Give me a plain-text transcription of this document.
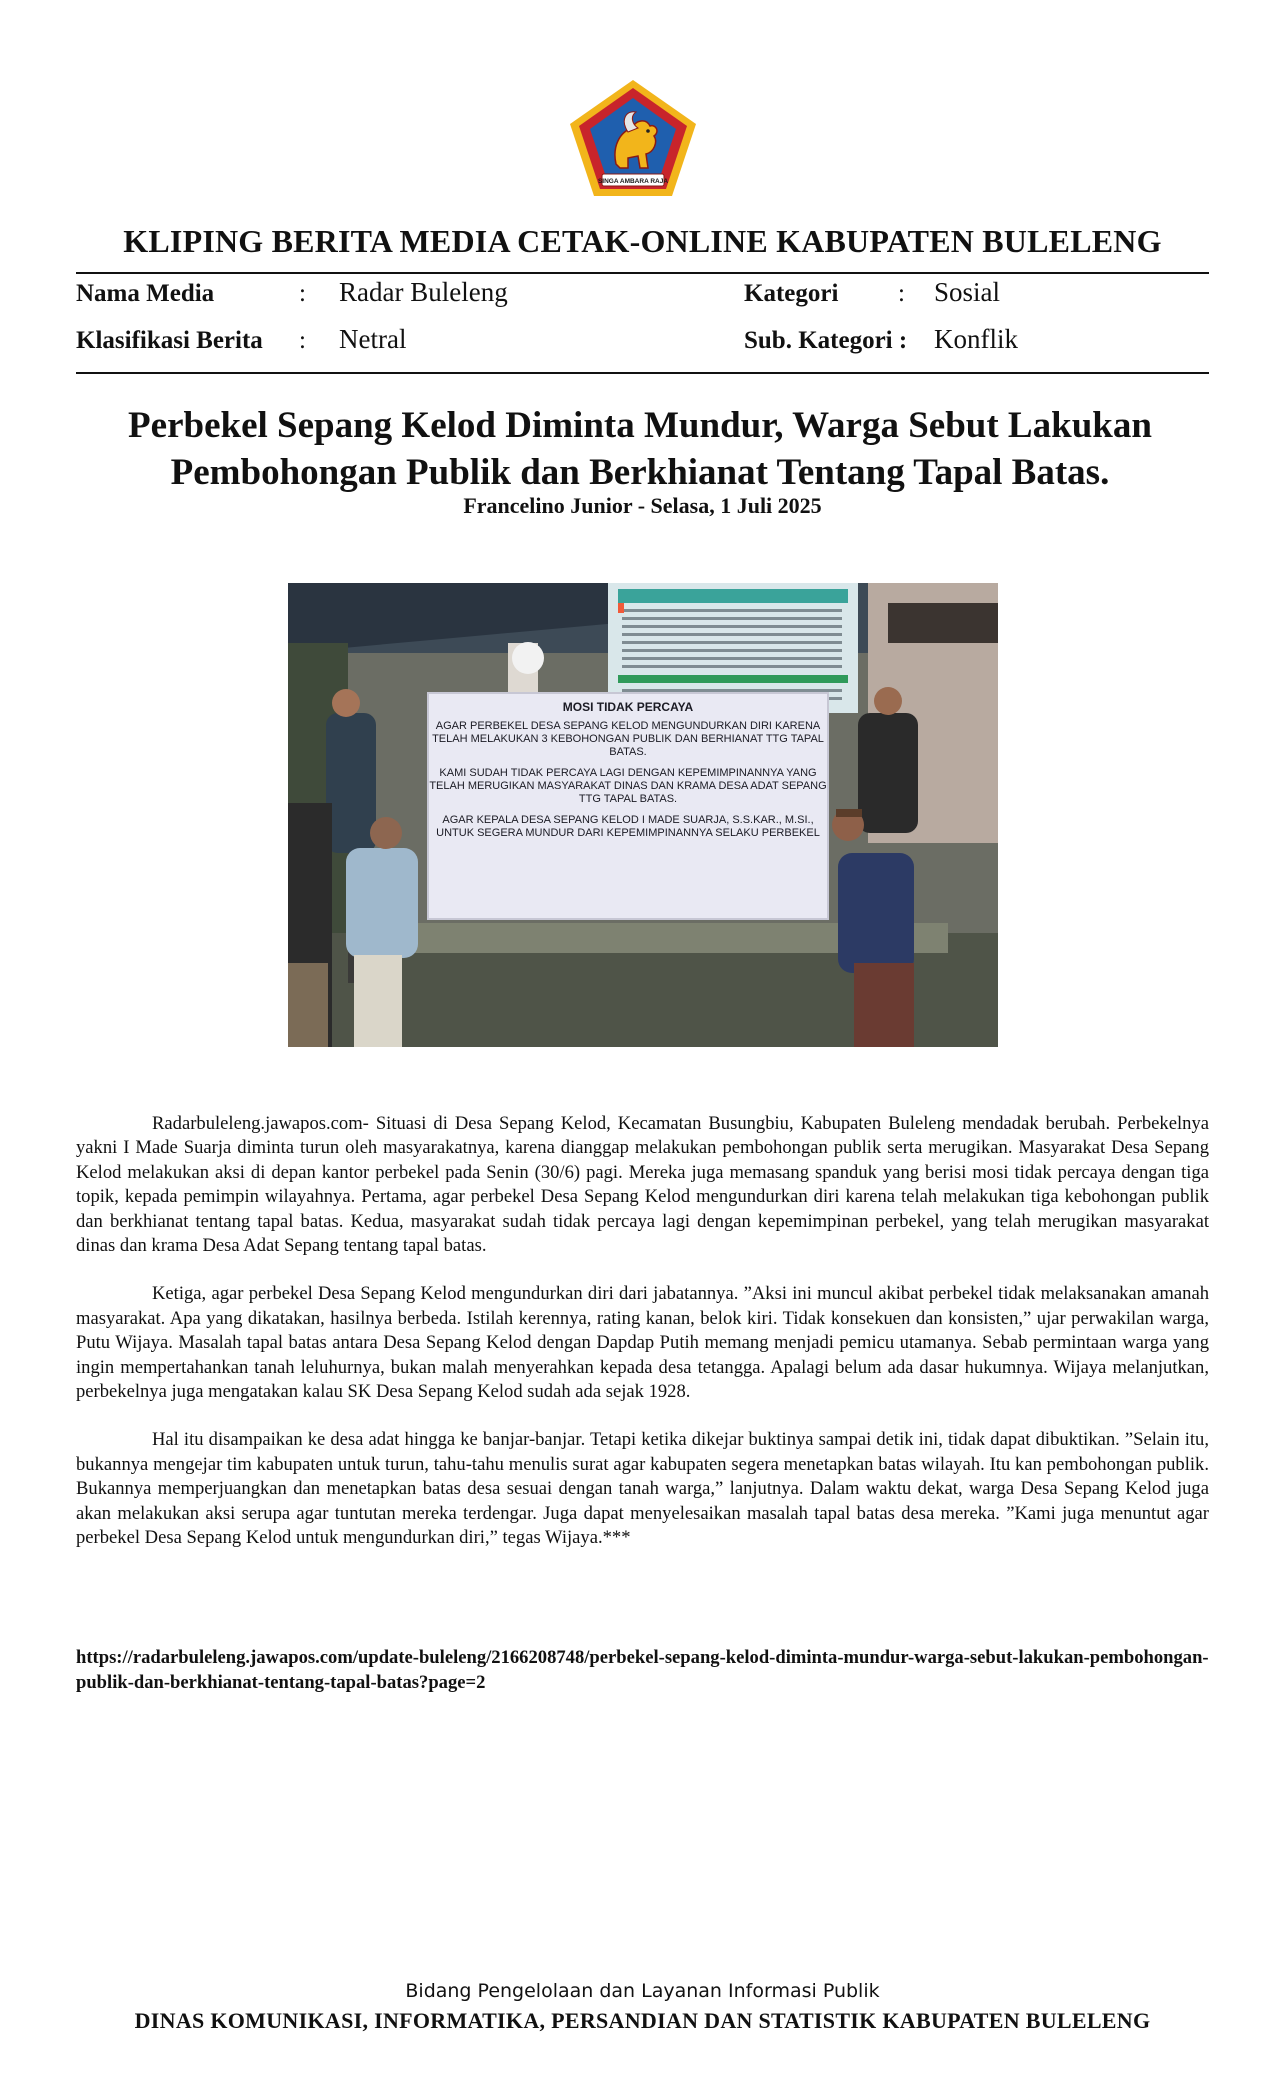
SINGA AMBARA RAJA
KLIPING BERITA MEDIA CETAK-ONLINE KABUPATEN BULELENG
Nama Media	: Radar Buleleng	Kategori : Sosial
Klasifikasi Berita : Netral	Sub. Kategori : Konflik
Perbekel Sepang Kelod Diminta Mundur, Warga Sebut Lakukan Pembohongan Publik dan Berkhianat Tentang Tapal Batas.
Francelino Junior - Selasa, 1 Juli 2025
MOSI TIDAK PERCAYA
AGAR PERBEKEL DESA SEPANG KELOD MENGUNDURKAN DIRI KARENA TELAH MELAKUKAN 3 KEBOHONGAN PUBLIK DAN BERHIANAT TTG TAPAL BATAS.
KAMI SUDAH TIDAK PERCAYA LAGI DENGAN KEPEMIMPINANNYA YANG TELAH MERUGIKAN MASYARAKAT DINAS DAN KRAMA DESA ADAT SEPANG TTG TAPAL BATAS.
AGAR KEPALA DESA SEPANG KELOD I MADE SUARJA, S.S.KAR., M.SI., UNTUK SEGERA MUNDUR DARI KEPEMIMPINANNYA SELAKU PERBEKEL

Radarbuleleng.jawapos.com- Situasi di Desa Sepang Kelod, Kecamatan Busungbiu, Kabupaten Buleleng mendadak berubah. Perbekelnya yakni I Made Suarja diminta turun oleh masyarakatnya, karena dianggap melakukan pembohongan publik serta merugikan. Masyarakat Desa Sepang Kelod melakukan aksi di depan kantor perbekel pada Senin (30/6) pagi. Mereka juga memasang spanduk yang berisi mosi tidak percaya dengan tiga topik, kepada pemimpin wilayahnya. Pertama, agar perbekel Desa Sepang Kelod mengundurkan diri karena telah melakukan tiga kebohongan publik dan berkhianat tentang tapal batas. Kedua, masyarakat sudah tidak percaya lagi dengan kepemimpinan perbekel, yang telah merugikan masyarakat dinas dan krama Desa Adat Sepang tentang tapal batas.

Ketiga, agar perbekel Desa Sepang Kelod mengundurkan diri dari jabatannya. ”Aksi ini muncul akibat perbekel tidak melaksanakan amanah masyarakat. Apa yang dikatakan, hasilnya berbeda. Istilah kerennya, rating kanan, belok kiri. Tidak konsekuen dan konsisten,” ujar perwakilan warga, Putu Wijaya. Masalah tapal batas antara Desa Sepang Kelod dengan Dapdap Putih memang menjadi pemicu utamanya. Sebab permintaan warga yang ingin mempertahankan tanah leluhurnya, bukan malah menyerahkan kepada desa tetangga. Apalagi belum ada dasar hukumnya. Wijaya melanjutkan, perbekelnya juga mengatakan kalau SK Desa Sepang Kelod sudah ada sejak 1928.

Hal itu disampaikan ke desa adat hingga ke banjar-banjar. Tetapi ketika dikejar buktinya sampai detik ini, tidak dapat dibuktikan. ”Selain itu, bukannya mengejar tim kabupaten untuk turun, tahu-tahu menulis surat agar kabupaten segera menetapkan batas wilayah. Itu kan pembohongan publik. Bukannya memperjuangkan dan menetapkan batas desa sesuai dengan tanah warga,” lanjutnya. Dalam waktu dekat, warga Desa Sepang Kelod juga akan melakukan aksi serupa agar tuntutan mereka terdengar. Juga dapat menyelesaikan masalah tapal batas desa mereka. ”Kami juga menuntut agar perbekel Desa Sepang Kelod untuk mengundurkan diri,” tegas Wijaya.***

https://radarbuleleng.jawapos.com/update-buleleng/2166208748/perbekel-sepang-kelod-diminta-mundur-warga-sebut-lakukan-pembohongan-publik-dan-berkhianat-tentang-tapal-batas?page=2
Bidang Pengelolaan dan Layanan Informasi Publik
DINAS KOMUNIKASI, INFORMATIKA, PERSANDIAN DAN STATISTIK KABUPATEN BULELENG
